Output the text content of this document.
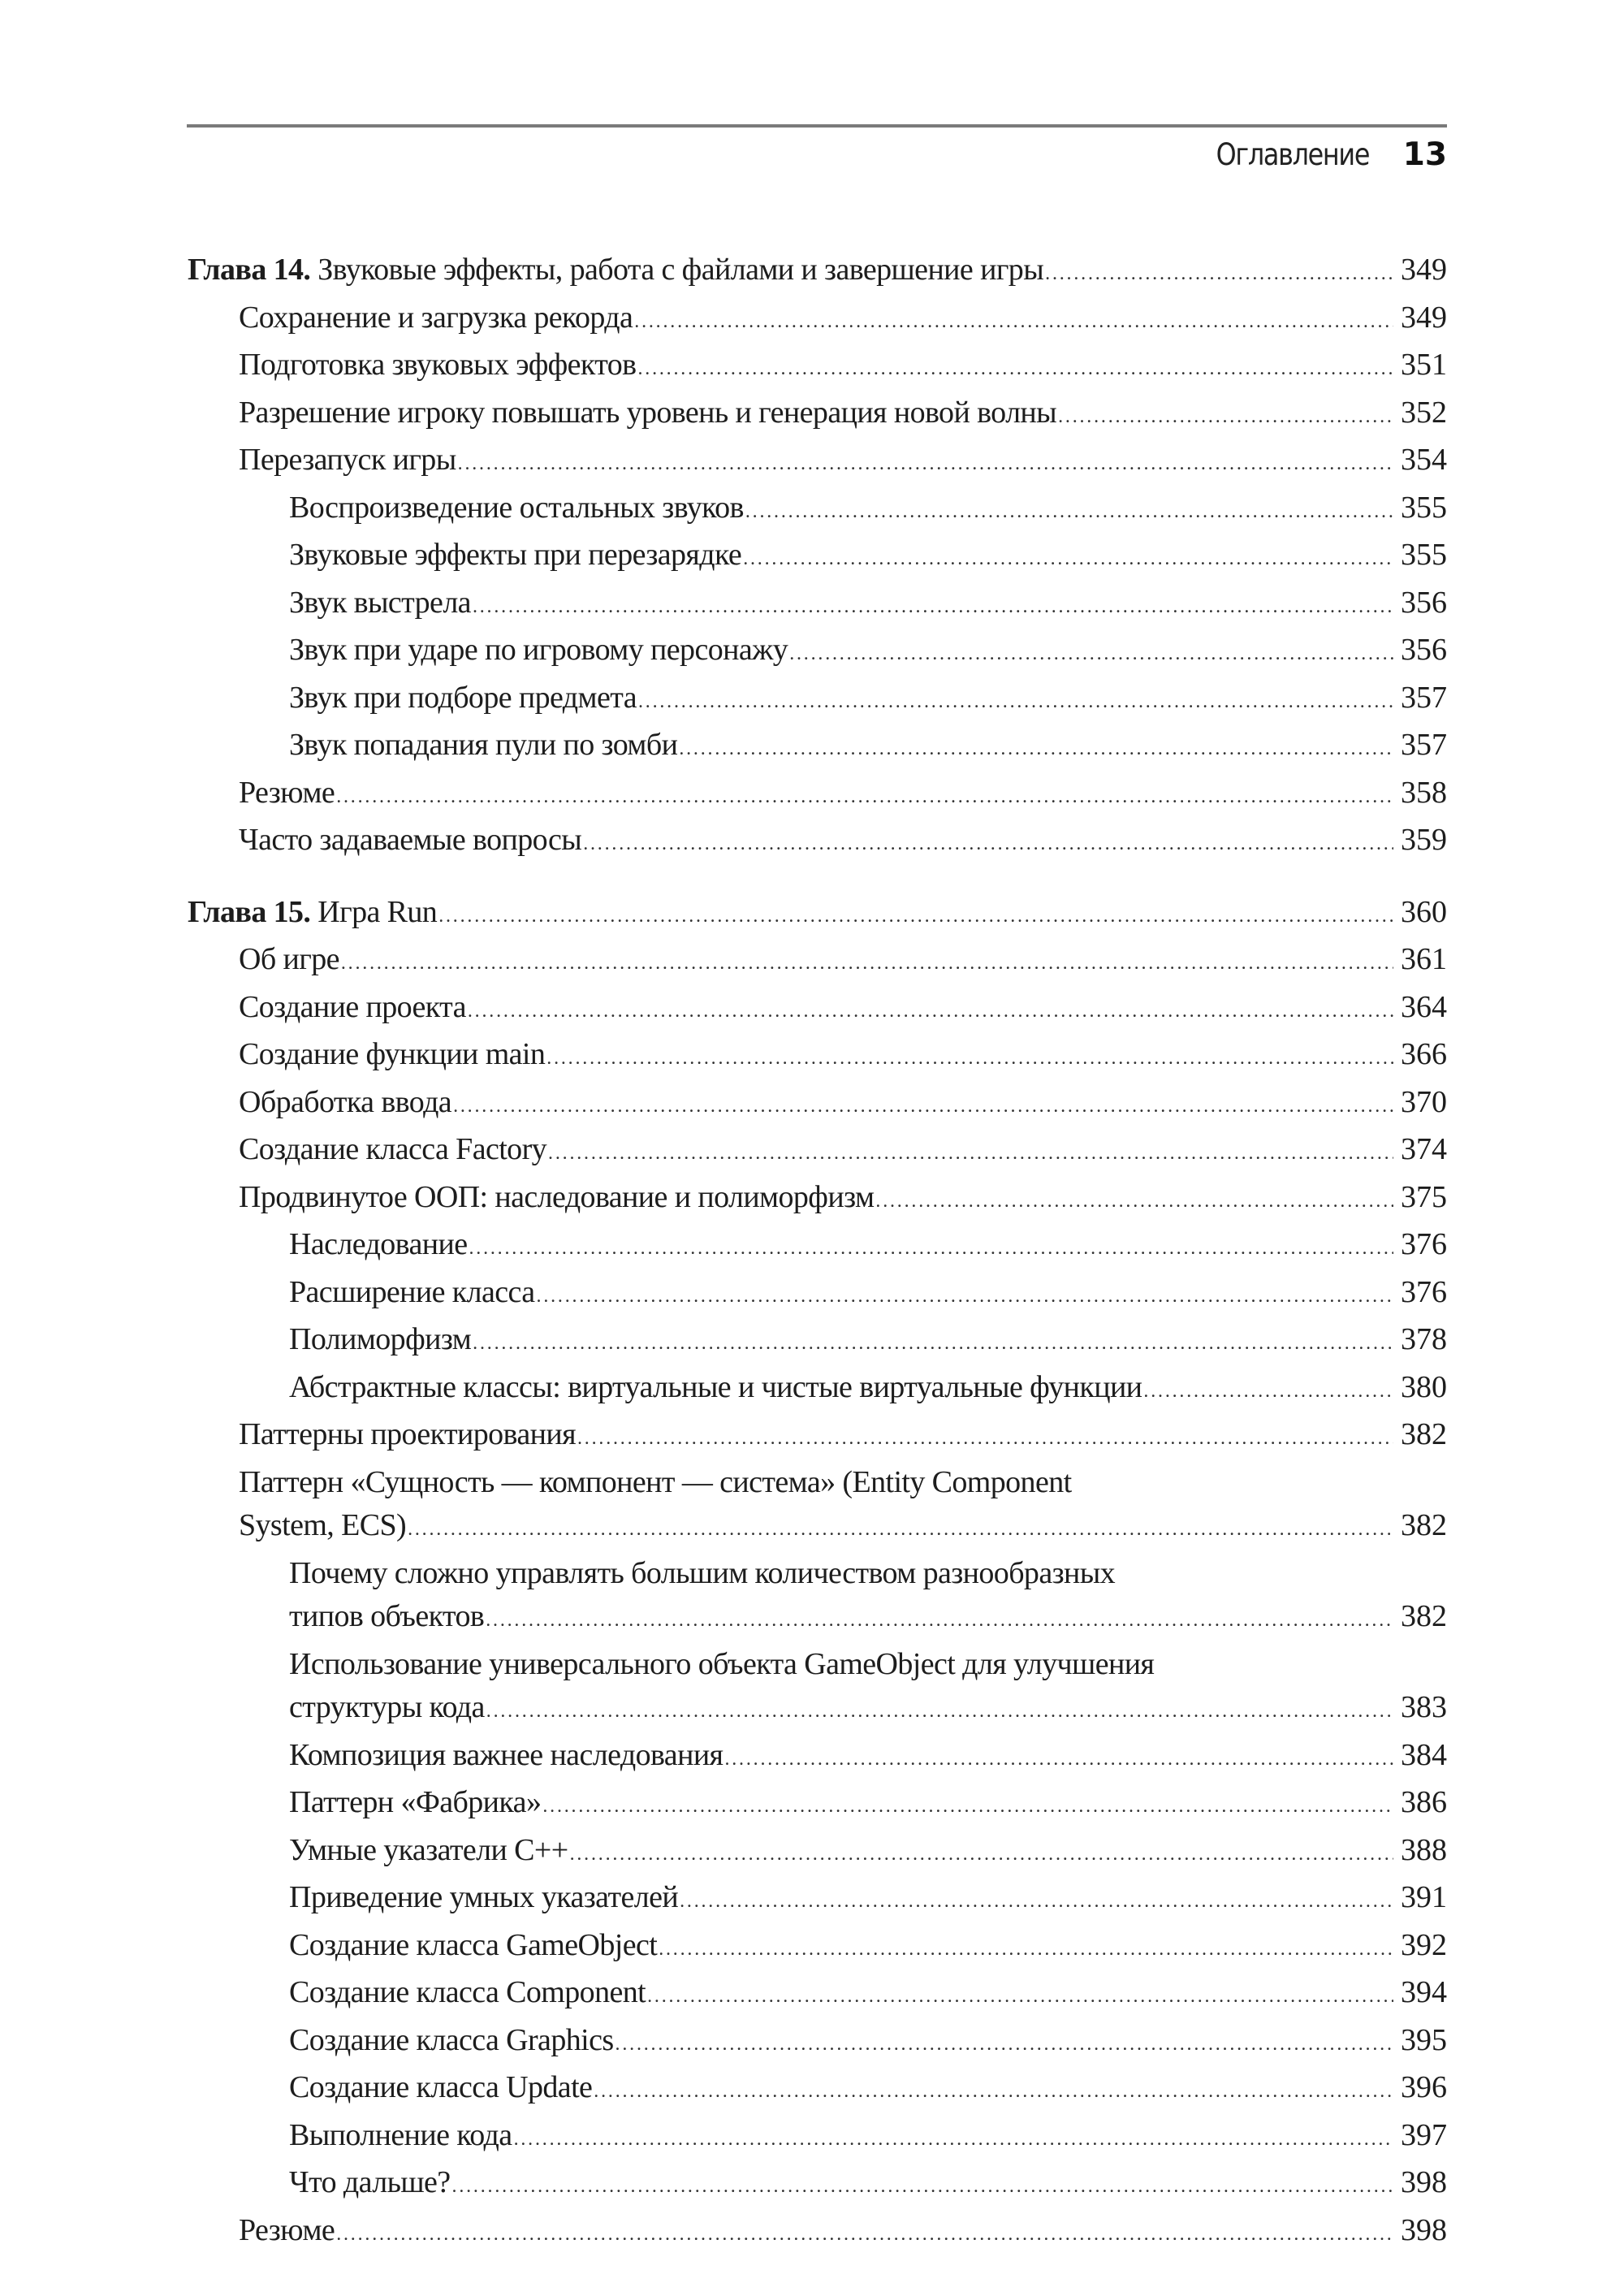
Оглавление 13
Глава 14. Звуковые эффекты, работа с файлами и завершение игры . . .	349
Сохранение и загрузка рекорда . . .	349
Подготовка звуковых эффектов . . .	351
Разрешение игроку повышать уровень и генерация новой волны . . .	352
Перезапуск игры . . .	354
Воспроизведение остальных звуков . . .	355
Звуковые эффекты при перезарядке . . .	355
Звук выстрела . . .	356
Звук при ударе по игровому персонажу . . .	356
Звук при подборе предмета . . .	357
Звук попадания пули по зомби . . .	357
Резюме . . .	358
Часто задаваемые вопросы . . .	359
Глава 15. Игра Run . . .	360
Об игре . . .	361
Создание проекта . . .	364
Создание функции main . . .	366
Обработка ввода . . .	370
Создание класса Factory . . .	374
Продвинутое ООП: наследование и полиморфизм . . .	375
Наследование . . .	376
Расширение класса . . .	376
Полиморфизм . . .	378
Абстрактные классы: виртуальные и чистые виртуальные функции . . .	380
Паттерны проектирования . . .	382
Паттерн «Сущность — компонент — система» (Entity Component
System, ECS) . . .	382
Почему сложно управлять большим количеством разнообразных
типов объектов . . .	382
Использование универсального объекта GameObject для улучшения
структуры кода . . .	383
Композиция важнее наследования . . .	384
Паттерн «Фабрика» . . .	386
Умные указатели C++ . . .	388
Приведение умных указателей . . .	391
Создание класса GameObject . . .	392
Создание класса Component . . .	394
Создание класса Graphics . . .	395
Создание класса Update . . .	396
Выполнение кода . . .	397
Что дальше? . . .	398
Резюме . . .	398
